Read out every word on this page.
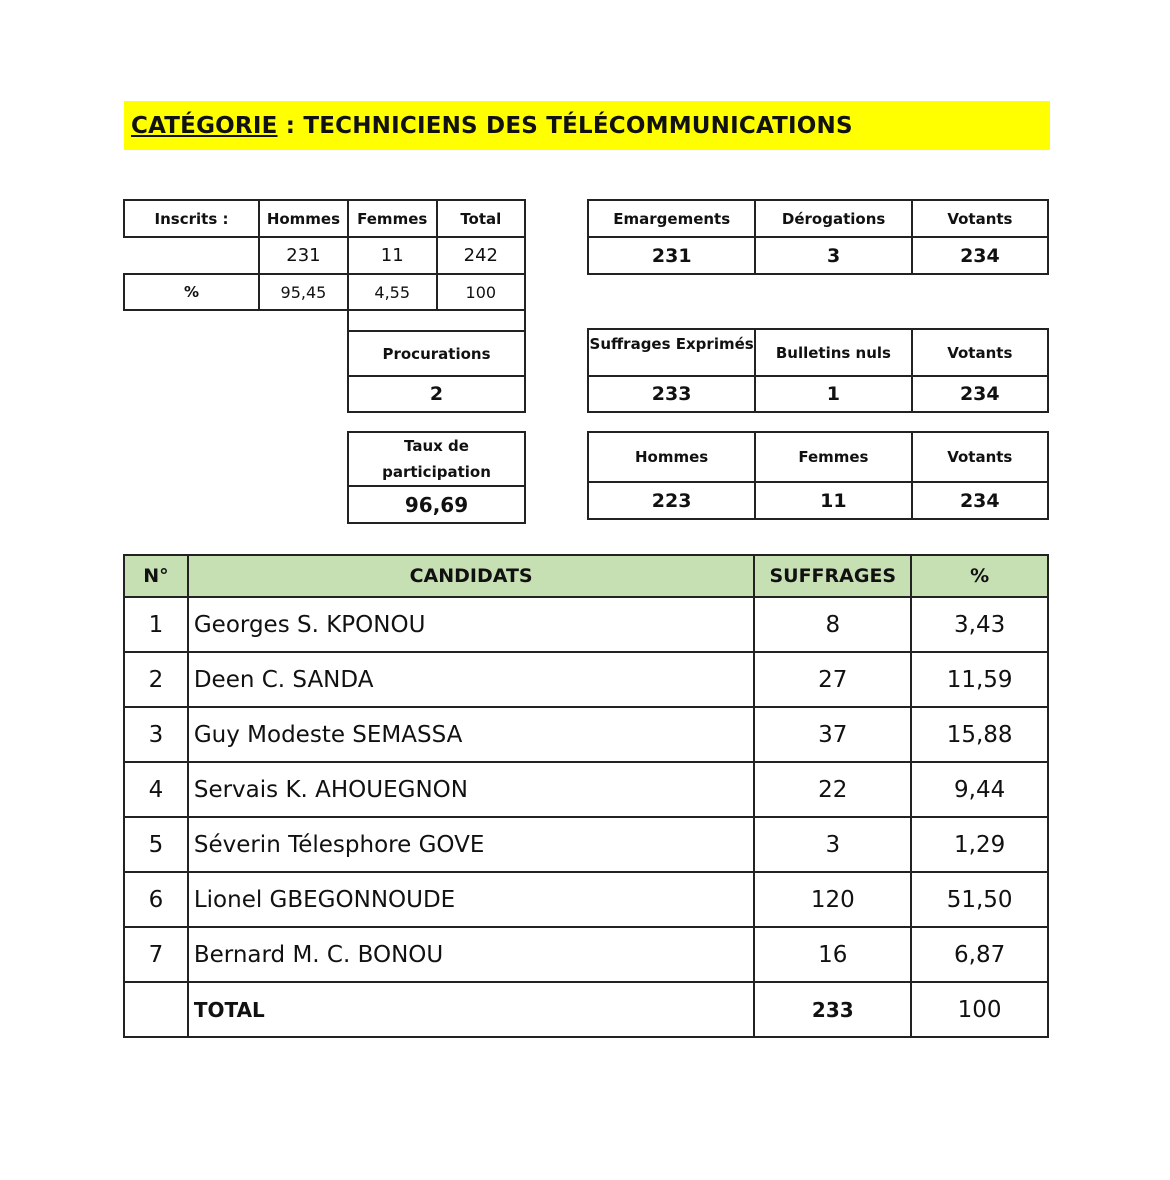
CATÉGORIE : TECHNICIENS DES TÉLÉCOMMUNICATIONS
Inscrits :	Hommes	Femmes	Total
	231	11	242
%	95,45	4,55	100

Procurations
2
Taux de participation
96,69
Emargements	Dérogations	Votants
231	3	234
Suffrages Exprimés	Bulletins nuls	Votants
233	1	234
Hommes	Femmes	Votants
223	11	234
N°	CANDIDATS	SUFFRAGES	%
1	Georges S. KPONOU	8	3,43
2	Deen C. SANDA	27	11,59
3	Guy Modeste SEMASSA	37	15,88
4	Servais K. AHOUEGNON	22	9,44
5	Séverin Télesphore GOVE	3	1,29
6	Lionel GBEGONNOUDE	120	51,50
7	Bernard M. C. BONOU	16	6,87
	TOTAL	233	100
